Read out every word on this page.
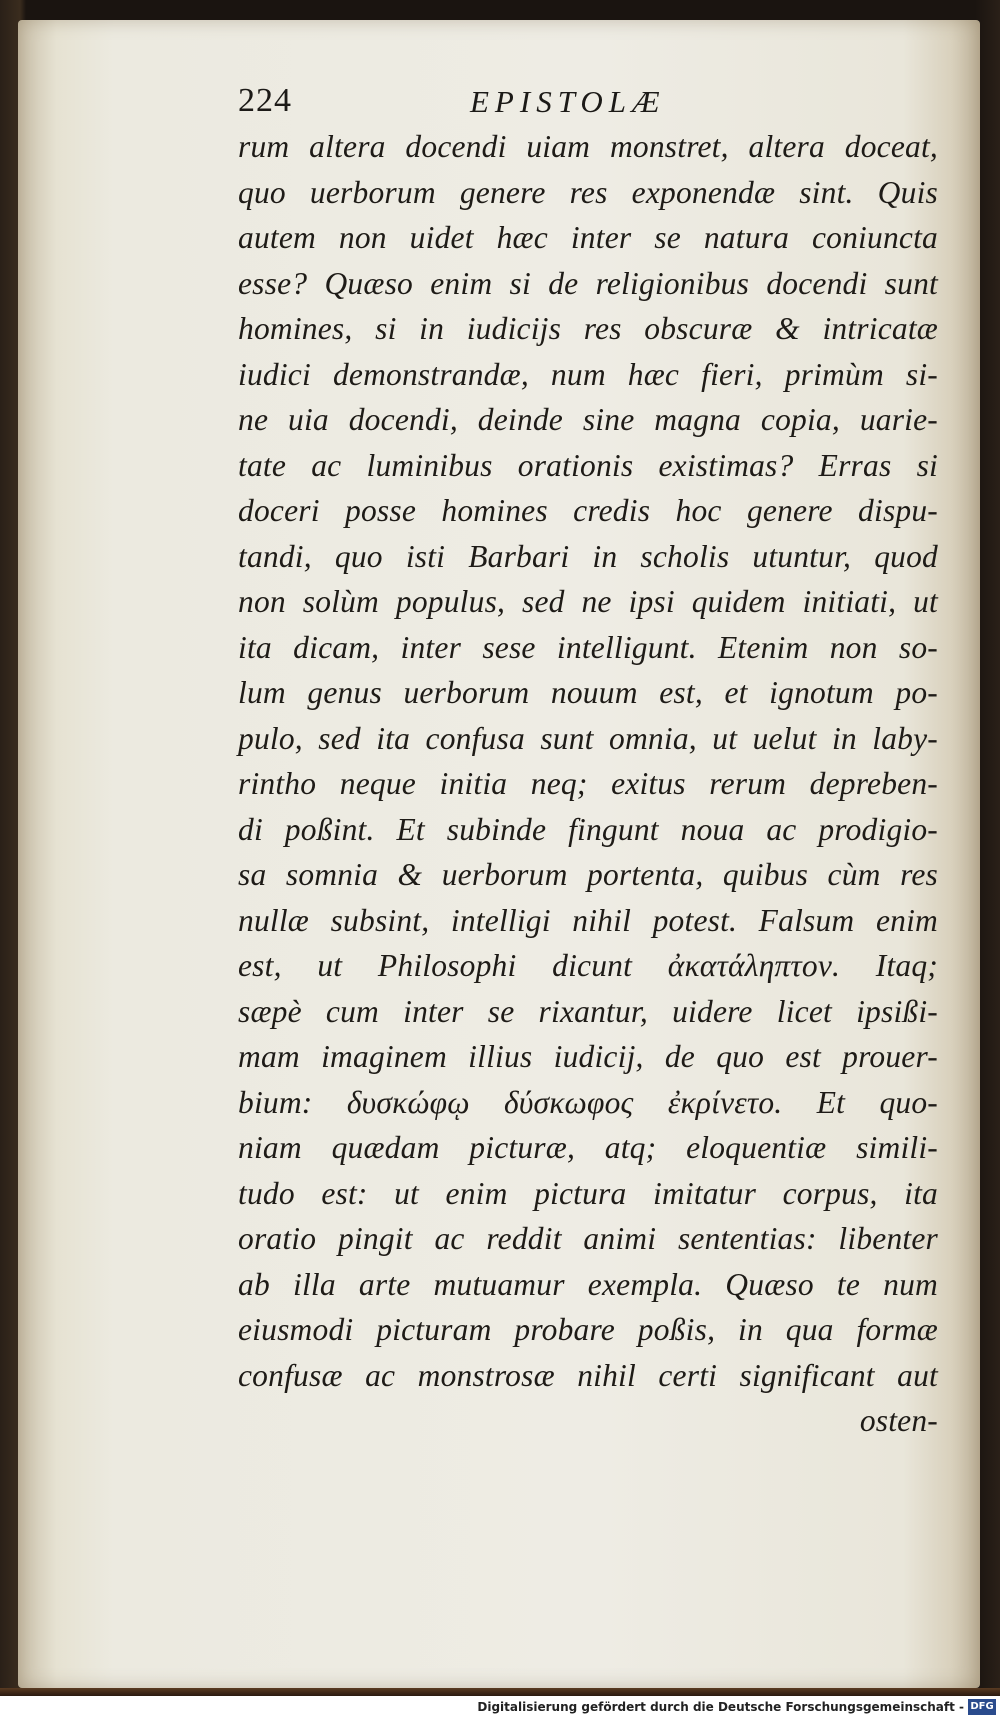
224	EPISTOLÆ
rum altera docendi uiam monstret, altera doceat,
quo uerborum genere res exponendæ sint. Quis
autem non uidet hæc inter se natura coniuncta
esse? Quæso enim si de religionibus docendi sunt
homines, si in iudicijs res obscuræ & intricatæ
iudici demonstrandæ, num hæc fieri, primùm si-
ne uia docendi, deinde sine magna copia, uarie-
tate ac luminibus orationis existimas? Erras si
doceri posse homines credis hoc genere dispu-
tandi, quo isti Barbari in scholis utuntur, quod
non solùm populus, sed ne ipsi quidem initiati, ut
ita dicam, inter sese intelligunt. Etenim non so-
lum genus uerborum nouum est, et ignotum po-
pulo, sed ita confusa sunt omnia, ut uelut in laby-
rintho neque initia neq; exitus rerum depreben-
di poßint. Et subinde fingunt noua ac prodigio-
sa somnia & uerborum portenta, quibus cùm res
nullæ subsint, intelligi nihil potest. Falsum enim
est, ut Philosophi dicunt ἀκατάληπτον. Itaq;
sæpè cum inter se rixantur, uidere licet ipsißi-
mam imaginem illius iudicij, de quo est prouer-
bium: δυσκώφῳ δύσκωφος ἐκρίνετο. Et quo-
niam quædam picturæ, atq; eloquentiæ simili-
tudo est: ut enim pictura imitatur corpus, ita
oratio pingit ac reddit animi sententias: libenter
ab illa arte mutuamur exempla. Quæso te num
eiusmodi picturam probare poßis, in qua formæ
confusæ ac monstrosæ nihil certi significant aut
osten-
Digitalisierung gefördert durch die Deutsche Forschungsgemeinschaft - DFG
